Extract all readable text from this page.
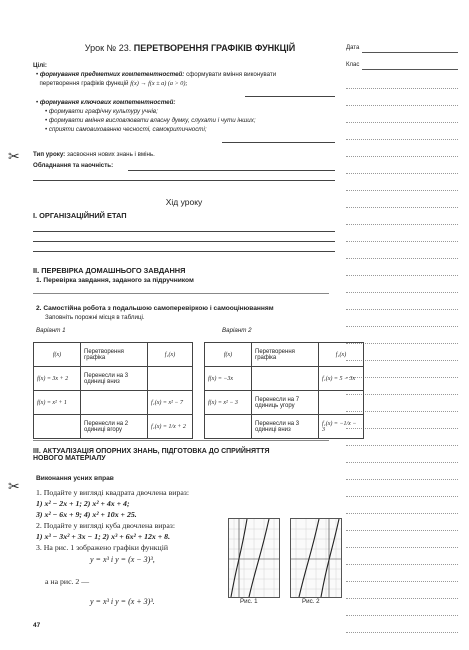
Урок № 23. ПЕРЕТВОРЕННЯ ГРАФІКІВ ФУНКЦІЙ	Дата
Клас
Цілі:
• формування предметних компетентностей: сформувати вміння виконувати
перетворення графіків функцій f(x) → f(x ± a) (a > 0);
• формування ключових компетентностей:
• формувати графічну культуру учнів;
• формувати вміння висловлювати власну думку, слухати і чути інших;
• сприяти самовихованню чесності, самокритичності;
Тип уроку: засвоєння нових знань і вмінь.
Обладнання та наочність:
✂
Хід уроку
I. ОРГАНІЗАЦІЙНИЙ ЕТАП
II. ПЕРЕВІРКА ДОМАШНЬОГО ЗАВДАННЯ
1. Перевірка завдання, заданого за підручником
2. Самостійна робота з подальшою самоперевіркою і самооцінюванням
Заповніть порожні місця в таблиці.
Варіант 1	Варіант 2
f(x)	Перетворення графіка	f₁(x)
f(x) = 3x + 2	Перенесли на 3 одиниці вниз	
f(x) = x² + 1		f₁(x) = x² − 7
	Перенесли на 2 одиниці вгору	f₁(x) = 1/x + 2
f(x)	Перетворення графіка	f₁(x)
f(x) = −3x		f₁(x) = 5 − 3x
f(x) = x² − 3	Перенесли на 7 одиниць угору	
	Перенесли на 3 одиниці вниз	f₁(x) = −1/x − 3
III. АКТУАЛІЗАЦІЯ ОПОРНИХ ЗНАНЬ, ПІДГОТОВКА ДО СПРИЙНЯТТЯ
НОВОГО МАТЕРІАЛУ
✂ Виконання усних вправ
1. Подайте у вигляді квадрата двочлена вираз:
1) x² − 2x + 1; 2) x² + 4x + 4;
3) x² − 6x + 9; 4) x² + 10x + 25.
2. Подайте у вигляді куба двочлена вираз:
1) x³ − 3x² + 3x − 1; 2) x³ + 6x² + 12x + 8.
3. На рис. 1 зображено графіки функцій
y = x³ і y = (x − 3)³,
а на рис. 2 —
y = x³ і y = (x + 3)³.	Рис. 1	Рис. 2
47
